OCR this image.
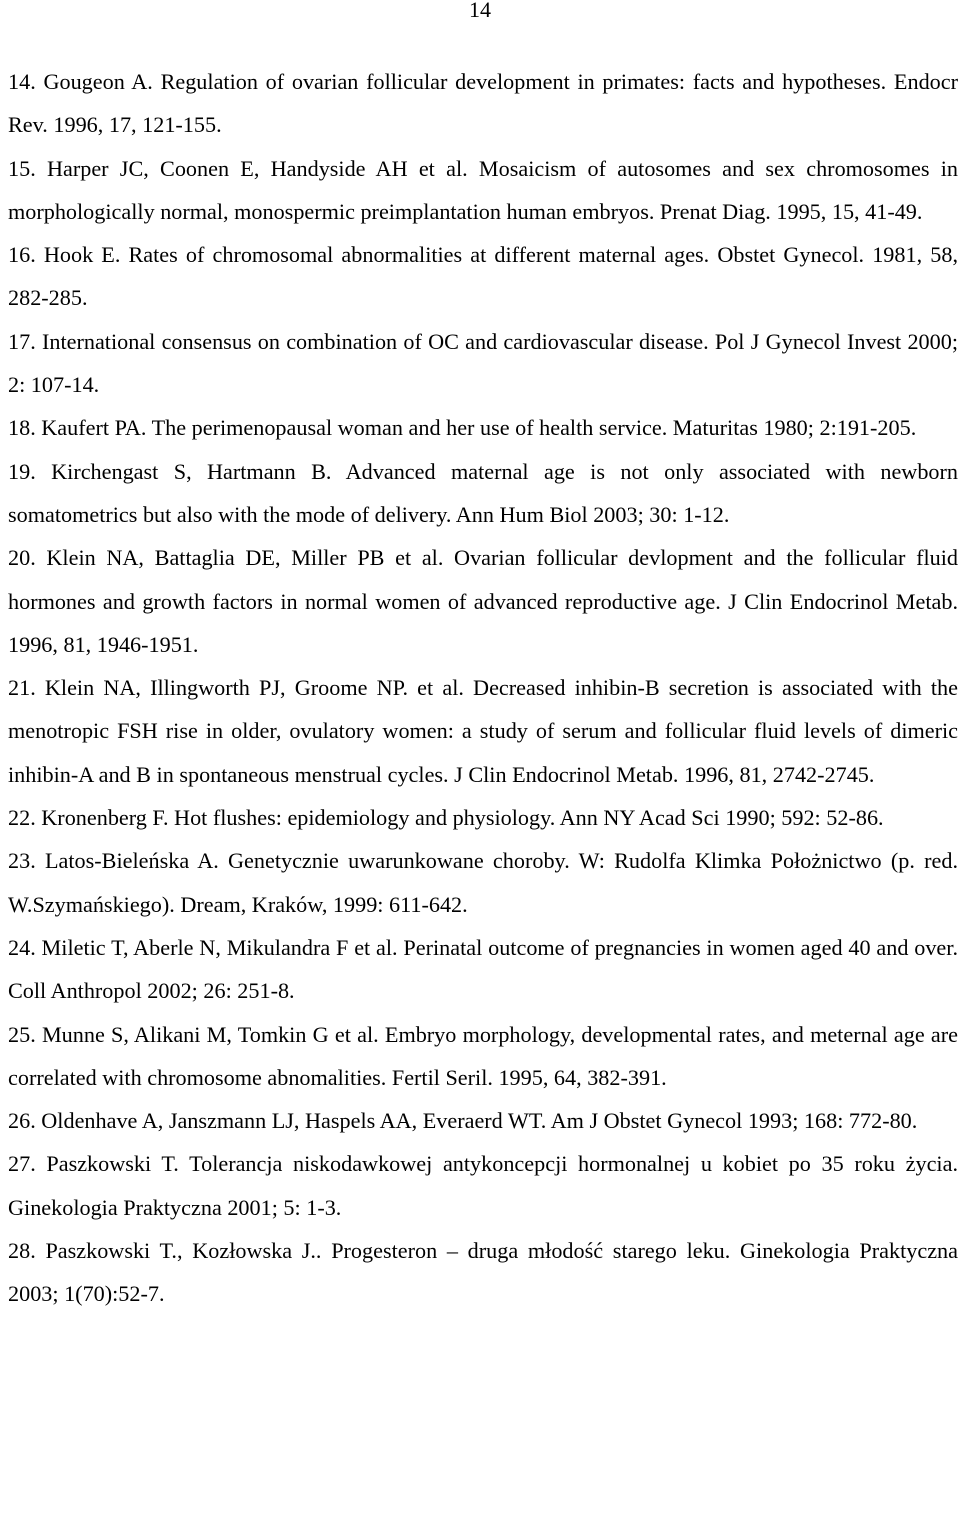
14

14. Gougeon A. Regulation of ovarian follicular development in primates: facts and hypotheses. Endocr Rev. 1996, 17, 121-155.

15. Harper JC, Coonen E, Handyside AH et al. Mosaicism of autosomes and sex chromosomes in morphologically normal, monospermic preimplantation human embryos. Prenat Diag. 1995, 15, 41-49.

16. Hook E. Rates of chromosomal abnormalities at different maternal ages. Obstet Gynecol. 1981, 58, 282-285.

17. International consensus on combination of OC and cardiovascular disease. Pol J Gynecol Invest 2000; 2: 107-14.

18. Kaufert PA. The perimenopausal woman and her use of health service. Maturitas 1980; 2:191-205.

19. Kirchengast S, Hartmann B. Advanced maternal age is not only associated with newborn somatometrics but also with the mode of delivery. Ann Hum Biol 2003; 30: 1-12.

20. Klein NA, Battaglia DE, Miller PB et al. Ovarian follicular devlopment and the follicular fluid hormones and growth factors in normal women of advanced reproductive age. J Clin Endocrinol Metab. 1996, 81, 1946-1951.

21. Klein NA, Illingworth PJ, Groome NP. et al. Decreased inhibin-B secretion is associated with the menotropic FSH rise in older, ovulatory women: a study of serum and follicular fluid levels of dimeric inhibin-A and B in spontaneous menstrual cycles. J Clin Endocrinol Metab. 1996, 81, 2742-2745.

22. Kronenberg F. Hot flushes: epidemiology and physiology. Ann NY Acad Sci 1990; 592: 52-86.

23. Latos-Bieleńska A. Genetycznie uwarunkowane choroby. W: Rudolfa Klimka Położnictwo (p. red. W.Szymańskiego). Dream, Kraków, 1999: 611-642.

24. Miletic T, Aberle N, Mikulandra F et al. Perinatal outcome of pregnancies in women aged 40 and over. Coll Anthropol 2002; 26: 251-8.

25. Munne S, Alikani M, Tomkin G et al. Embryo morphology, developmental rates, and meternal age are correlated with chromosome abnomalities. Fertil Seril. 1995, 64, 382-391.

26. Oldenhave A, Janszmann LJ, Haspels AA, Everaerd WT. Am J Obstet Gynecol 1993; 168: 772-80.

27. Paszkowski T. Tolerancja niskodawkowej antykoncepcji hormonalnej u kobiet po 35 roku życia. Ginekologia Praktyczna 2001; 5: 1-3.

28. Paszkowski T., Kozłowska J.. Progesteron – druga młodość starego leku. Ginekologia Praktyczna 2003; 1(70):52-7.
